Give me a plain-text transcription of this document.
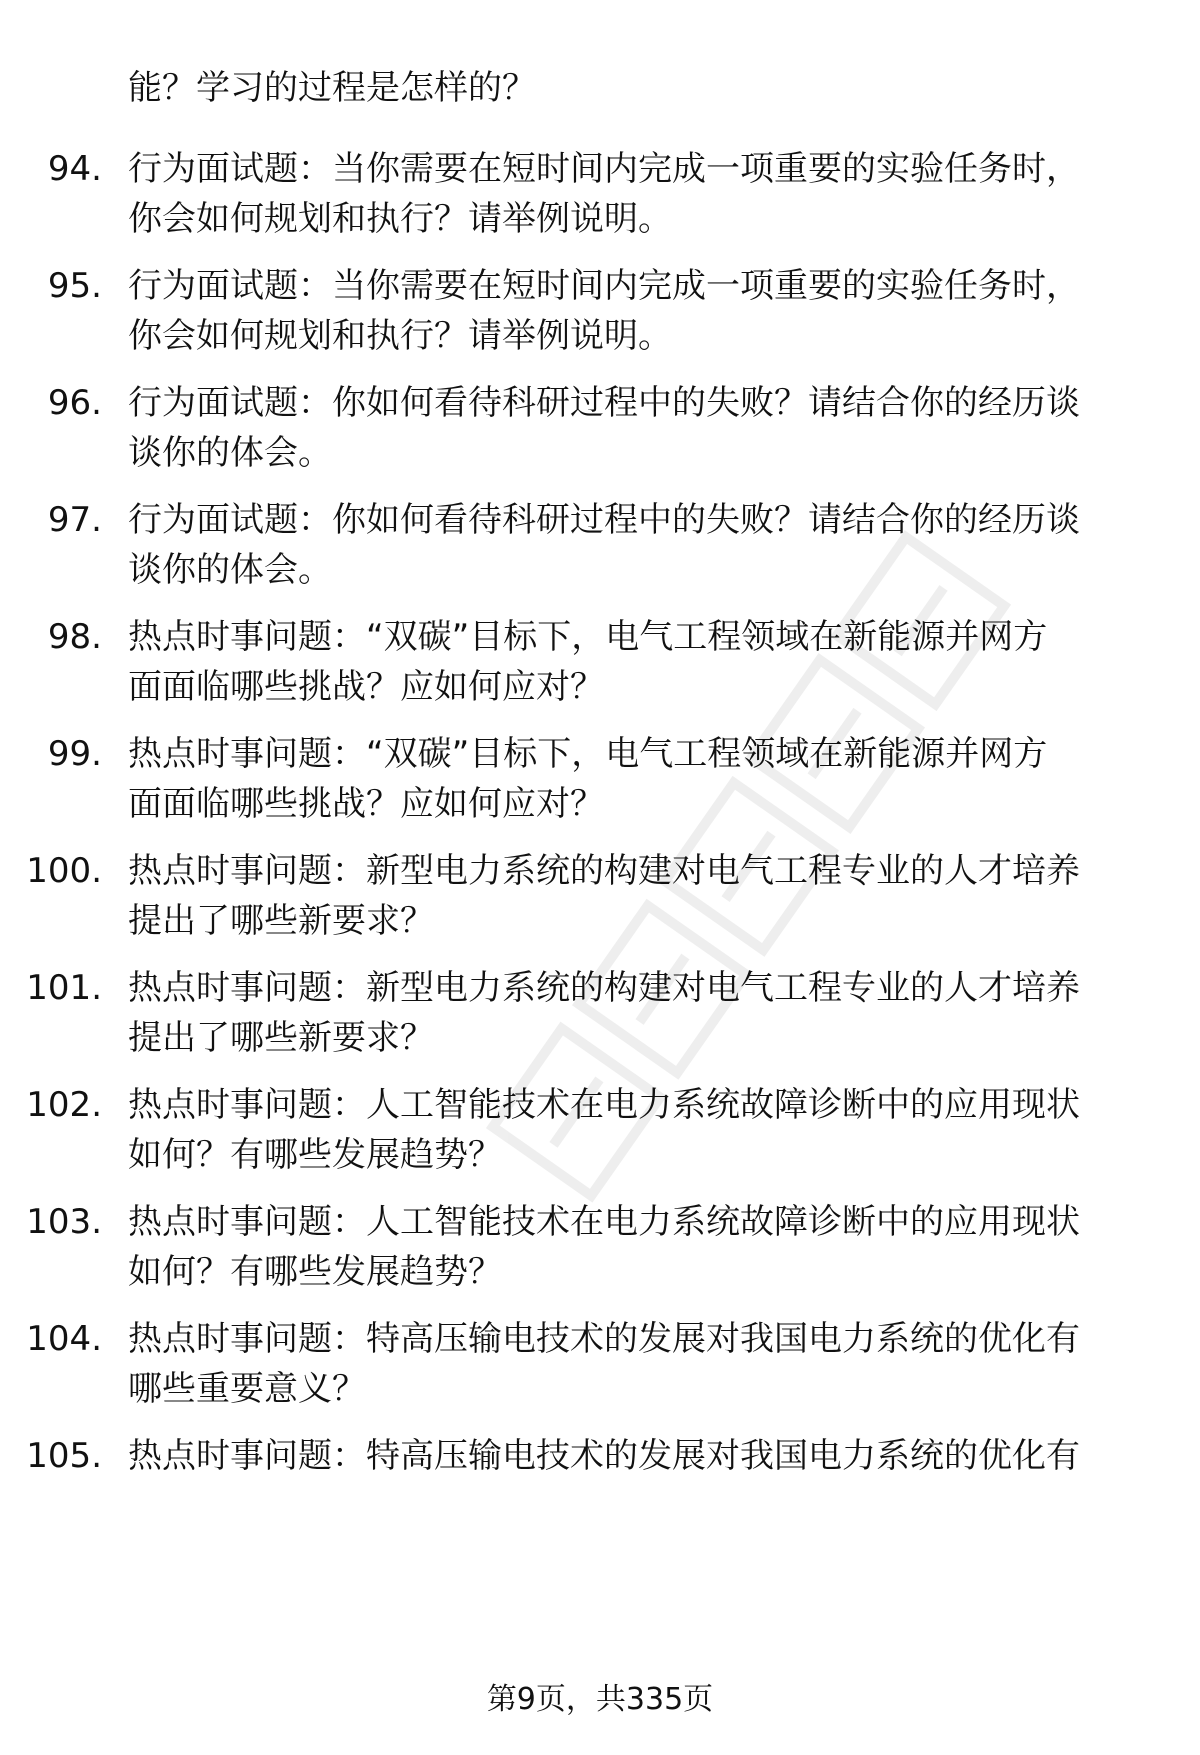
能？学习的过程是怎样的？
94. 行为面试题：当你需要在短时间内完成一项重要的实验任务时，
你会如何规划和执行？请举例说明。
95. 行为面试题：当你需要在短时间内完成一项重要的实验任务时，
你会如何规划和执行？请举例说明。
96. 行为面试题：你如何看待科研过程中的失败？请结合你的经历谈
谈你的体会。
97. 行为面试题：你如何看待科研过程中的失败？请结合你的经历谈
谈你的体会。
98. 热点时事问题：“双碳”目标下，电气工程领域在新能源并网方
面面临哪些挑战？应如何应对？
99. 热点时事问题：“双碳”目标下，电气工程领域在新能源并网方
面面临哪些挑战？应如何应对？
100. 热点时事问题：新型电力系统的构建对电气工程专业的人才培养
提出了哪些新要求？
101. 热点时事问题：新型电力系统的构建对电气工程专业的人才培养
提出了哪些新要求？
102. 热点时事问题：人工智能技术在电力系统故障诊断中的应用现状
如何？有哪些发展趋势？
103. 热点时事问题：人工智能技术在电力系统故障诊断中的应用现状
如何？有哪些发展趋势？
104. 热点时事问题：特高压输电技术的发展对我国电力系统的优化有
哪些重要意义？
105. 热点时事问题：特高压输电技术的发展对我国电力系统的优化有
第9页，共335页
